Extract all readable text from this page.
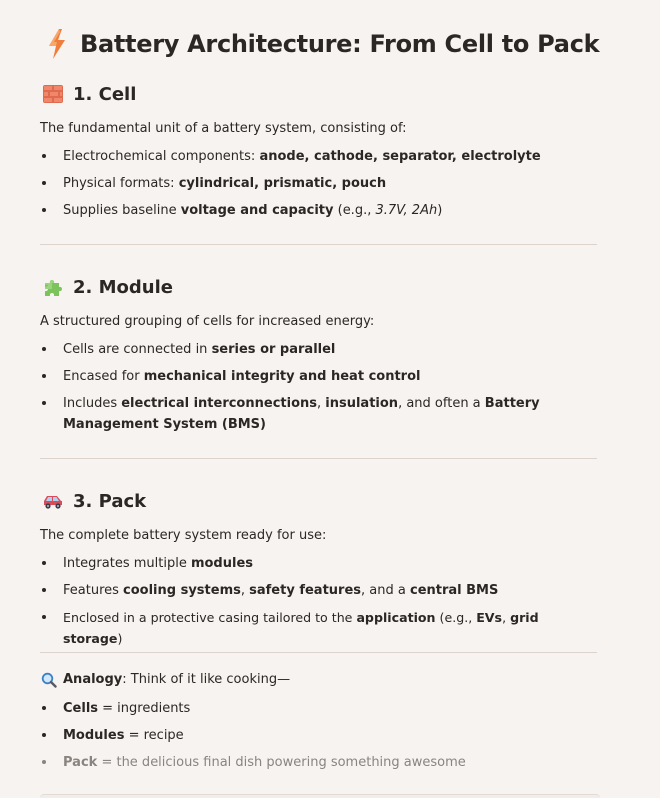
Battery Architecture: From Cell to Pack
1. Cell

The fundamental unit of a battery system, consisting of:

Electrochemical components: anode, cathode, separator, electrolyte
Physical formats: cylindrical, prismatic, pouch
Supplies baseline voltage and capacity (e.g., 3.7V, 2Ah)
2. Module

A structured grouping of cells for increased energy:

Cells are connected in series or parallel
Encased for mechanical integrity and heat control
Includes electrical interconnections, insulation, and often a Battery Management System (BMS)
3. Pack

The complete battery system ready for use:

Integrates multiple modules
Features cooling systems, safety features, and a central BMS
Enclosed in a protective casing tailored to the application (e.g., EVs, grid storage)

Analogy : Think of it like cooking—

Cells = ingredients
Modules = recipe
Pack = the delicious final dish powering something awesome
